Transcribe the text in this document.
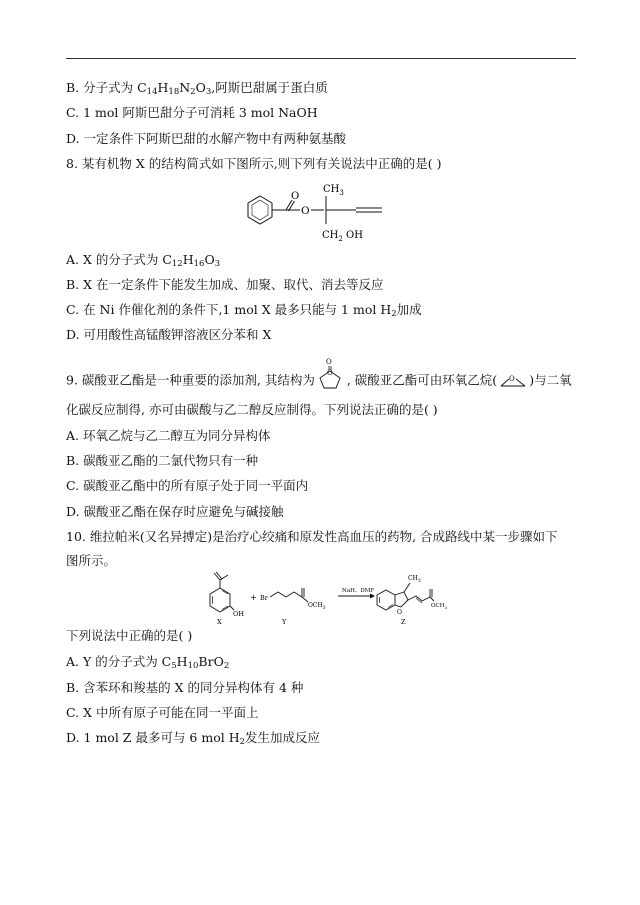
B. 分子式为 $C_{14}H_{18}N_2O_3$,阿斯巴甜属于蛋白质
C. 1 mol 阿斯巴甜分子可消耗 3 mol NaOH
D. 一定条件下阿斯巴甜的水解产物中有两种氨基酸
8. 某有机物 X 的结构简式如下图所示,则下列有关说法中正确的是( )
O
O
$CH_3$
$CH_2$ OH
A. X 的分子式为 $C_{12}H_{16}O_3$
B. X 在一定条件下能发生加成、加聚、取代、消去等反应
C. 在 Ni 作催化剂的条件下,1 mol X 最多只能与 1 mol $H_2$加成
D. 可用酸性高锰酸钾溶液区分苯和 X
9. 碳酸亚乙酯是一种重要的添加剂, 其结构为
O
O , 碳酸亚乙酯可由环氧乙烷( O )与二氧
化碳反应制得, 亦可由碳酸与乙二醇反应制得。下列说法正确的是( )
A. 环氧乙烷与乙二醇互为同分异构体
B. 碳酸亚乙酯的二氯代物只有一种
C. 碳酸亚乙酯中的所有原子处于同一平面内
D. 碳酸亚乙酯在保存时应避免与碱接触
10. 维拉帕米(又名异搏定)是治疗心绞痛和原发性高血压的药物, 合成路线中某一步骤如下
图所示。
OH
X
+ Br
$OCH_3$
Y
NaH、DMF
O
$CH_3$
$OCH_3$
Z
下列说法中正确的是( )
A. Y 的分子式为 $C_5H_{10}BrO_2$
B. 含苯环和羧基的 X 的同分异构体有 4 种
C. X 中所有原子可能在同一平面上
D. 1 mol Z 最多可与 6 mol $H_2$发生加成反应
